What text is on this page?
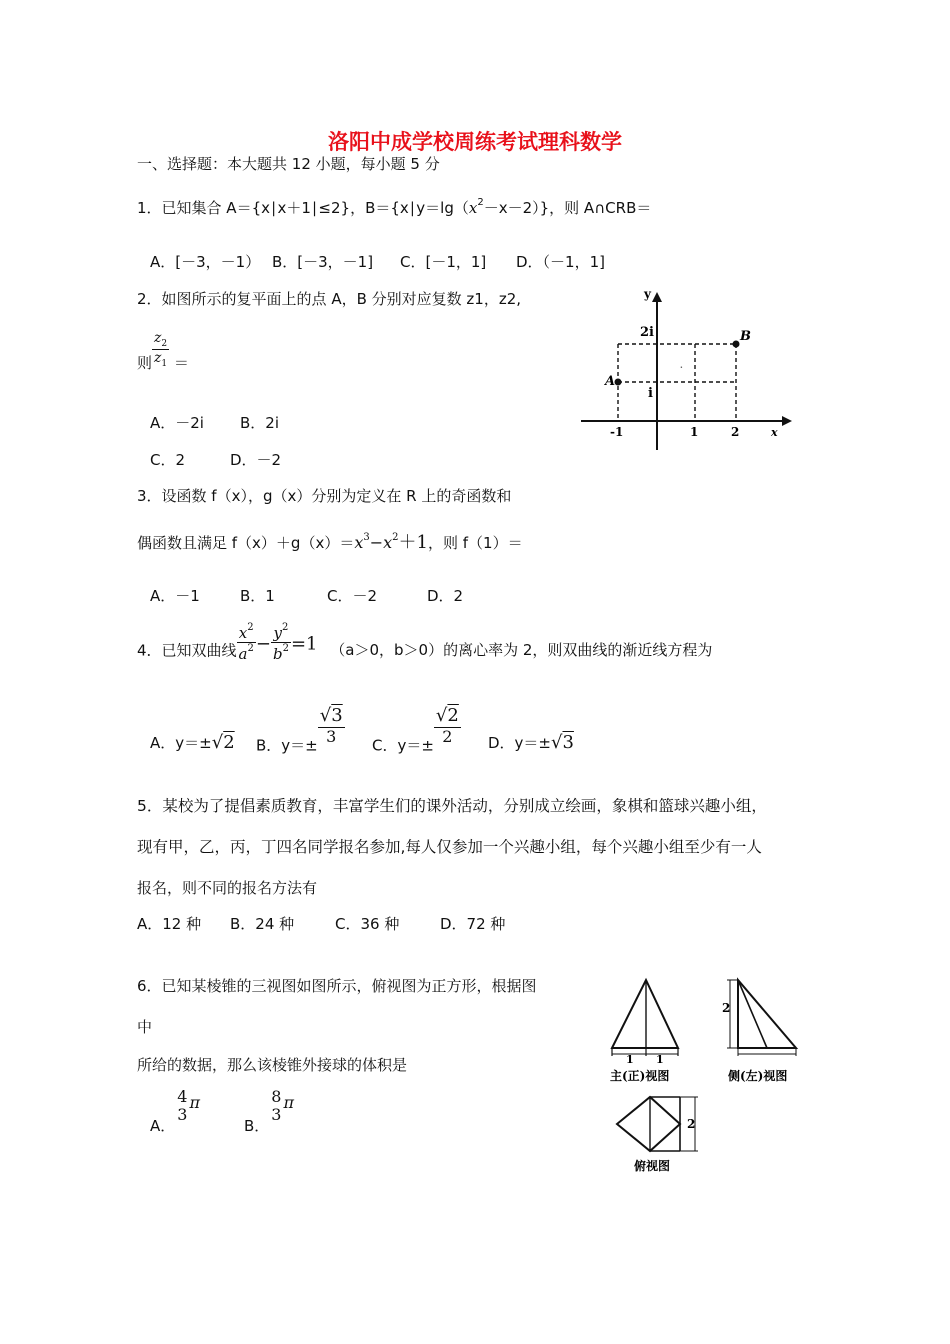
洛阳中成学校周练考试理科数学
一、选择题：本大题共 12 小题，每小题 5 分
1．已知集合 A＝{x∣x＋1∣≤2}，$B=\{x∣y=\lg(x^2-x-2)\}$，则 A∩CRB＝
A．[－3，－1） B．[－3，－1] C．[－1，1] D．（－1，1]
2．如图所示的复平面上的点 A，B 分别对应复数 z1，z2,
则 $\frac{z_2}{z_1}$ ＝
A．－2i B．2i
C．2	D．－2
y
x
2i
i
-1	1	2
A
B
·
3．设函数 f（x），g（x）分别为定义在 R 上的奇函数和
偶函数且满足 $f(x)+g(x)=x^3-x^2+1$，则 f（1）＝
A．－1	B．1	C．－2	D．2
4．已知双曲线 $\frac{x^2}{a^2} - \frac{y^2}{b^2} =1$ （a＞0，b＞0）的离心率为 2，则双曲线的渐近线方程为
A．y＝±√2 B．$y=\pm \frac{√3}{3}$ C．$y=\pm \frac{√2}{2}$ D．y＝±√3
5．某校为了提倡素质教育，丰富学生们的课外活动，分别成立绘画，象棋和篮球兴趣小组，
现有甲，乙，丙，丁四名同学报名参加,每人仅参加一个兴趣小组，每个兴趣小组至少有一人
报名，则不同的报名方法有
A．12 种 B．24 种	C．36 种	D．72 种
6．已知某棱锥的三视图如图所示，俯视图为正方形，根据图
中
所给的数据，那么该棱锥外接球的体积是
A．
4
3
π
B．
8
3
π
1 1
主(正)视图
2
侧(左)视图
2
俯视图
